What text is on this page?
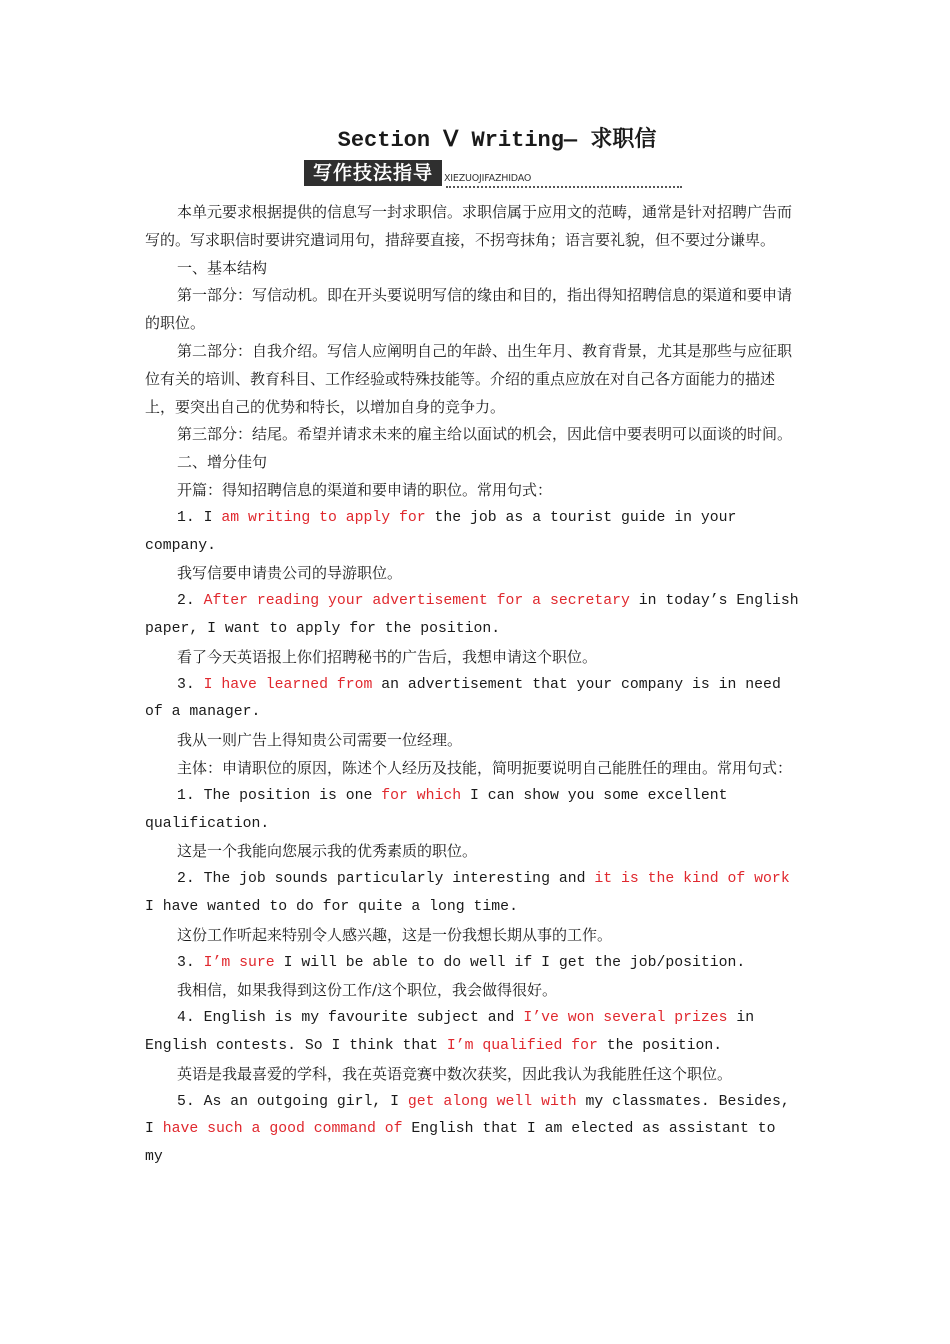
Section Ⅴ Writing— 求职信
写作技法指导	XIEZUOJIFAZHIDAO

本单元要求根据提供的信息写一封求职信。求职信属于应用文的范畴，通常是针对招聘广告而写的。写求职信时要讲究遣词用句，措辞要直接，不拐弯抹角；语言要礼貌，但不要过分谦卑。

一、基本结构

第一部分：写信动机。即在开头要说明写信的缘由和目的，指出得知招聘信息的渠道和要申请的职位。

第二部分：自我介绍。写信人应阐明自己的年龄、出生年月、教育背景，尤其是那些与应征职位有关的培训、教育科目、工作经验或特殊技能等。介绍的重点应放在对自己各方面能力的描述上，要突出自己的优势和特长，以增加自身的竞争力。

第三部分：结尾。希望并请求未来的雇主给以面试的机会，因此信中要表明可以面谈的时间。

二、增分佳句

开篇：得知招聘信息的渠道和要申请的职位。常用句式：

1. I am writing to apply for the job as a tourist guide in your company.

我写信要申请贵公司的导游职位。

2. After reading your advertisement for a secretary in today’s English paper, I want to apply for the position.

看了今天英语报上你们招聘秘书的广告后，我想申请这个职位。

3. I have learned from an advertisement that your company is in need of a manager.

我从一则广告上得知贵公司需要一位经理。

主体：申请职位的原因，陈述个人经历及技能，简明扼要说明自己能胜任的理由。常用句式：

1. The position is one for which I can show you some excellent qualification.

这是一个我能向您展示我的优秀素质的职位。

2. The job sounds particularly interesting and it is the kind of work I have wanted to do for quite a long time.

这份工作听起来特别令人感兴趣，这是一份我想长期从事的工作。

3. I’m sure I will be able to do well if I get the job/position.

我相信，如果我得到这份工作/这个职位，我会做得很好。

4. English is my favourite subject and I’ve won several prizes in English contests. So I think that I’m qualified for the position.

英语是我最喜爱的学科，我在英语竞赛中数次获奖，因此我认为我能胜任这个职位。

5. As an outgoing girl, I get along well with my classmates. Besides, I have such a good command of English that I am elected as assistant to my
